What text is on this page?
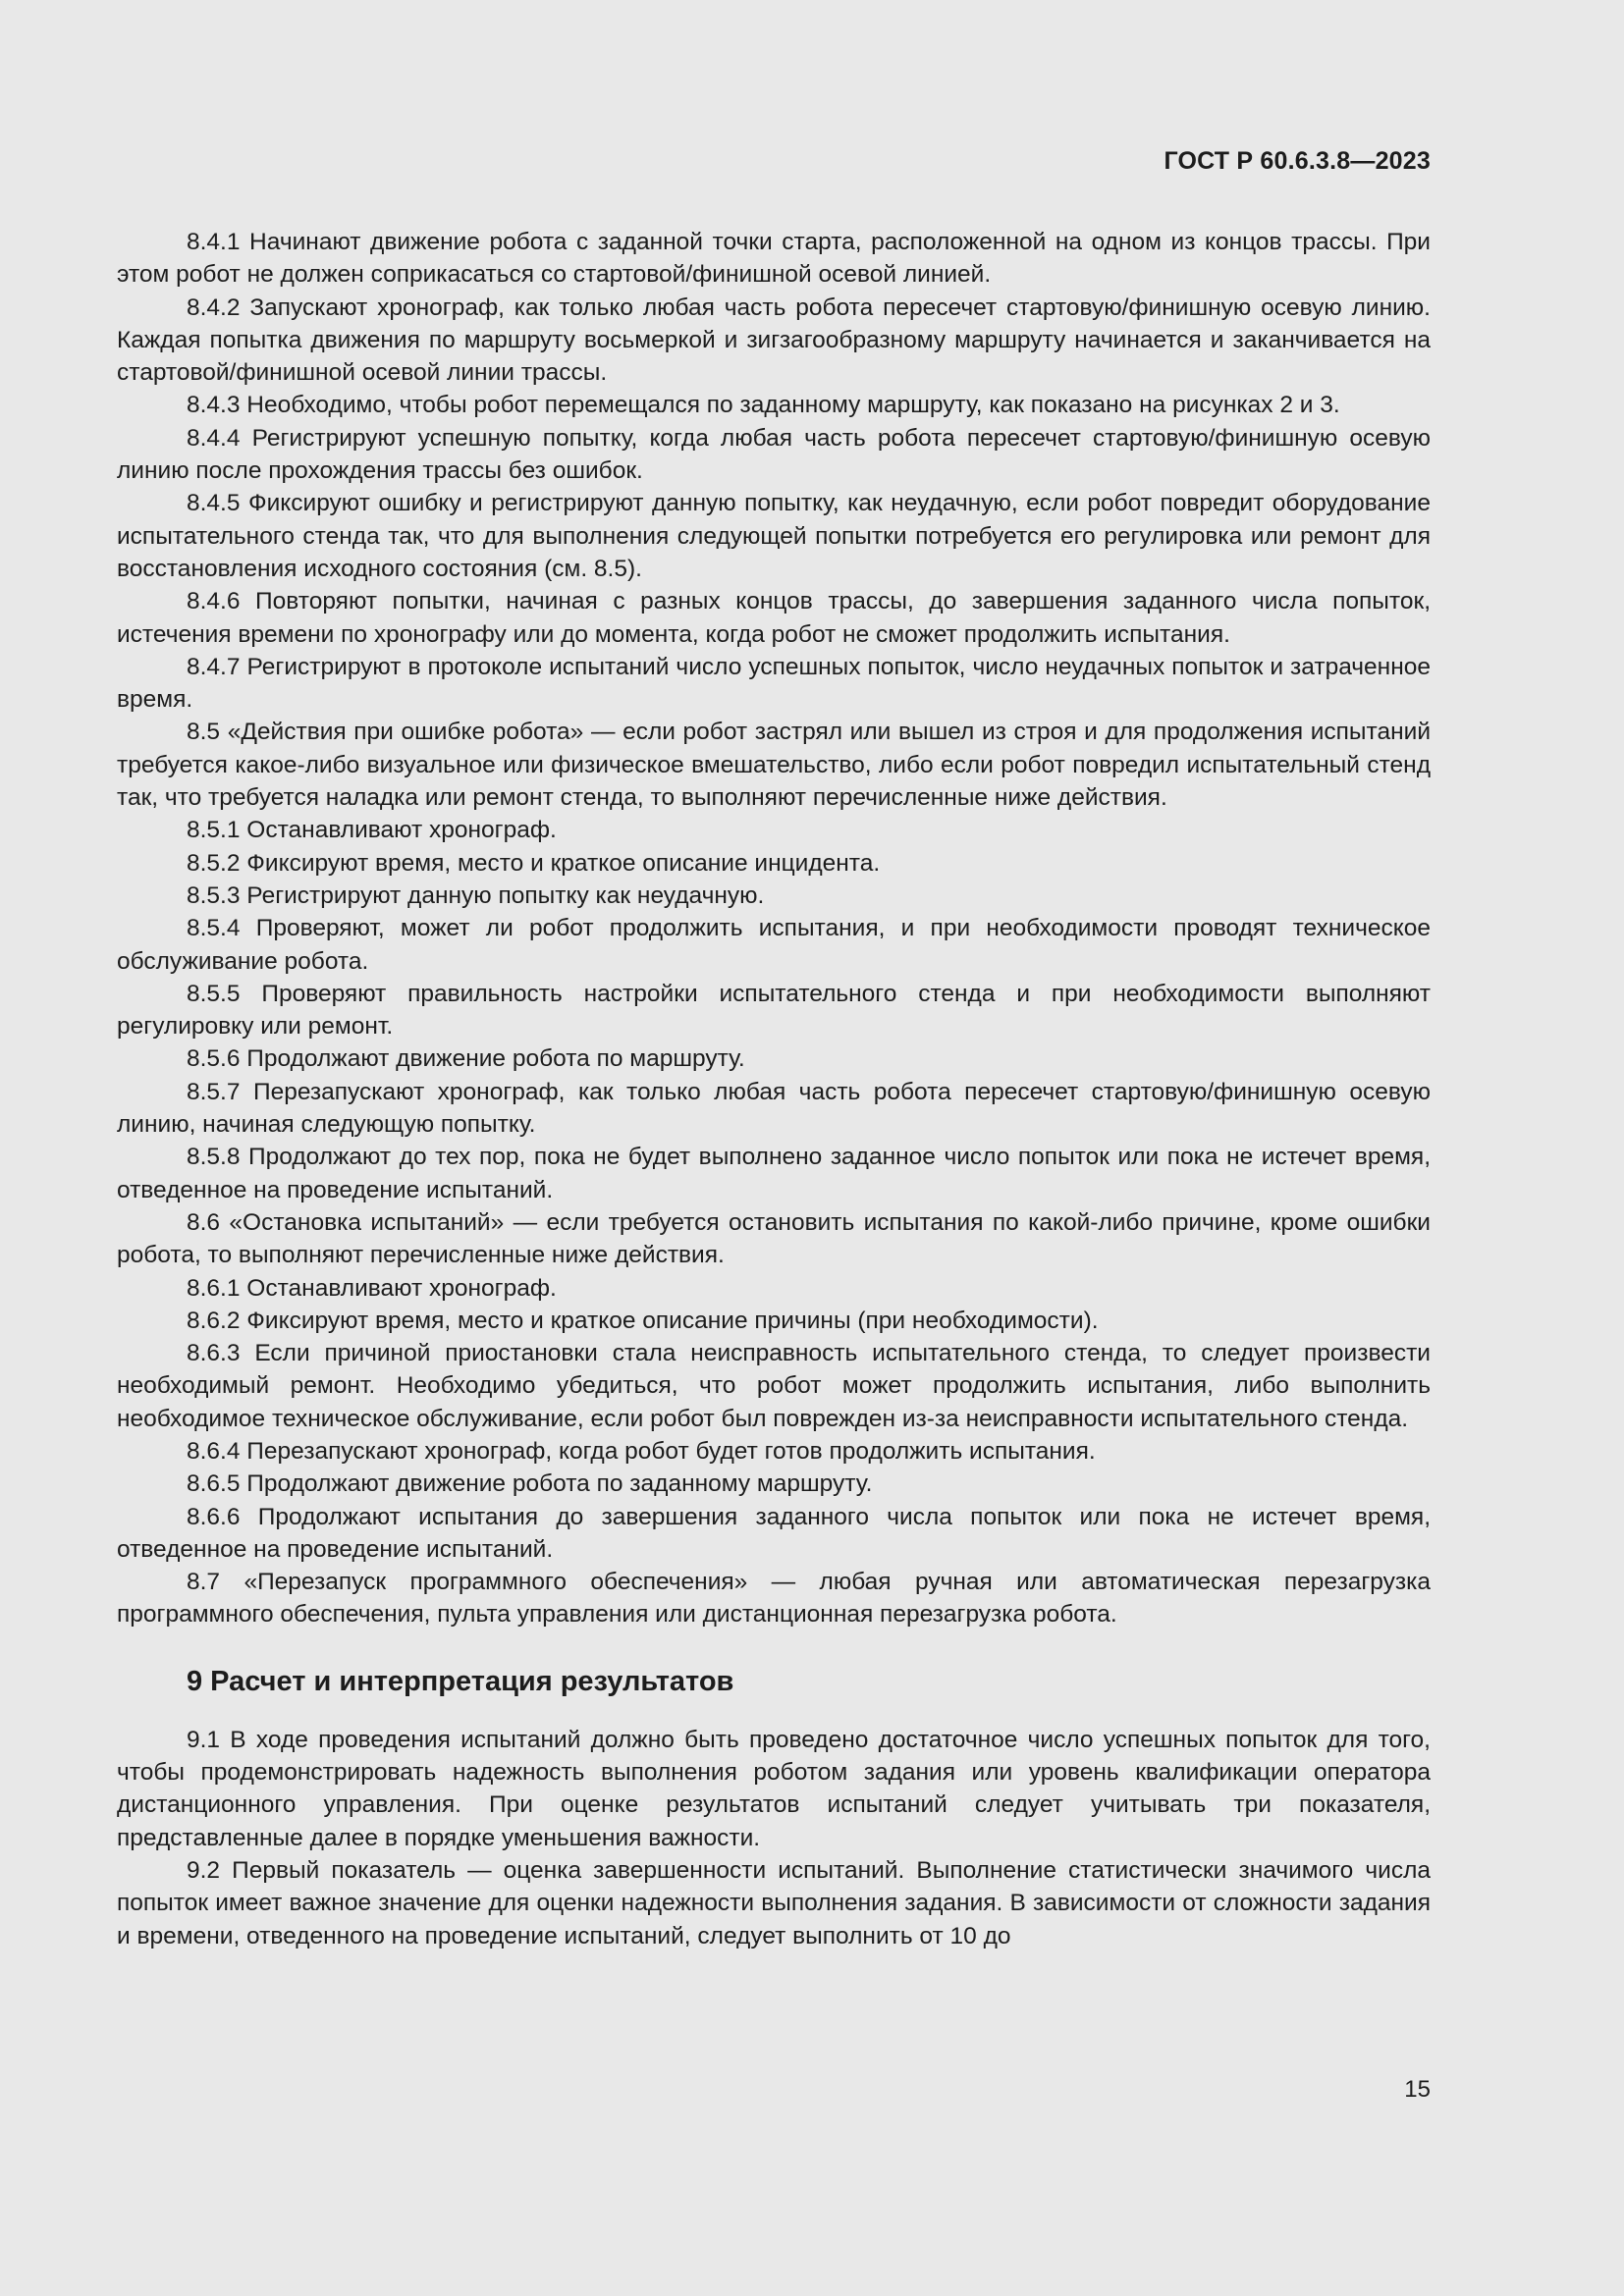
ГОСТ Р 60.6.3.8—2023

8.4.1 Начинают движение робота с заданной точки старта, расположенной на одном из концов трассы. При этом робот не должен соприкасаться со стартовой/финишной осевой линией.

8.4.2 Запускают хронограф, как только любая часть робота пересечет стартовую/финишную осевую линию. Каждая попытка движения по маршруту восьмеркой и зигзагообразному маршруту начинается и заканчивается на стартовой/финишной осевой линии трассы.

8.4.3 Необходимо, чтобы робот перемещался по заданному маршруту, как показано на рисунках 2 и 3.

8.4.4 Регистрируют успешную попытку, когда любая часть робота пересечет стартовую/финишную осевую линию после прохождения трассы без ошибок.

8.4.5 Фиксируют ошибку и регистрируют данную попытку, как неудачную, если робот повредит оборудование испытательного стенда так, что для выполнения следующей попытки потребуется его регулировка или ремонт для восстановления исходного состояния (см. 8.5).

8.4.6 Повторяют попытки, начиная с разных концов трассы, до завершения заданного числа попыток, истечения времени по хронографу или до момента, когда робот не сможет продолжить испытания.

8.4.7 Регистрируют в протоколе испытаний число успешных попыток, число неудачных попыток и затраченное время.

8.5 «Действия при ошибке робота» — если робот застрял или вышел из строя и для продолжения испытаний требуется какое-либо визуальное или физическое вмешательство, либо если робот повредил испытательный стенд так, что требуется наладка или ремонт стенда, то выполняют перечисленные ниже действия.

8.5.1 Останавливают хронограф.

8.5.2 Фиксируют время, место и краткое описание инцидента.

8.5.3 Регистрируют данную попытку как неудачную.

8.5.4 Проверяют, может ли робот продолжить испытания, и при необходимости проводят техническое обслуживание робота.

8.5.5 Проверяют правильность настройки испытательного стенда и при необходимости выполняют регулировку или ремонт.

8.5.6 Продолжают движение робота по маршруту.

8.5.7 Перезапускают хронограф, как только любая часть робота пересечет стартовую/финишную осевую линию, начиная следующую попытку.

8.5.8 Продолжают до тех пор, пока не будет выполнено заданное число попыток или пока не истечет время, отведенное на проведение испытаний.

8.6 «Остановка испытаний» — если требуется остановить испытания по какой-либо причине, кроме ошибки робота, то выполняют перечисленные ниже действия.

8.6.1 Останавливают хронограф.

8.6.2 Фиксируют время, место и краткое описание причины (при необходимости).

8.6.3 Если причиной приостановки стала неисправность испытательного стенда, то следует произвести необходимый ремонт. Необходимо убедиться, что робот может продолжить испытания, либо выполнить необходимое техническое обслуживание, если робот был поврежден из-за неисправности испытательного стенда.

8.6.4 Перезапускают хронограф, когда робот будет готов продолжить испытания.

8.6.5 Продолжают движение робота по заданному маршруту.

8.6.6 Продолжают испытания до завершения заданного числа попыток или пока не истечет время, отведенное на проведение испытаний.

8.7 «Перезапуск программного обеспечения» — любая ручная или автоматическая перезагрузка программного обеспечения, пульта управления или дистанционная перезагрузка робота.

9 Расчет и интерпретация результатов

9.1 В ходе проведения испытаний должно быть проведено достаточное число успешных попыток для того, чтобы продемонстрировать надежность выполнения роботом задания или уровень квалификации оператора дистанционного управления. При оценке результатов испытаний следует учитывать три показателя, представленные далее в порядке уменьшения важности.

9.2 Первый показатель — оценка завершенности испытаний. Выполнение статистически значимого числа попыток имеет важное значение для оценки надежности выполнения задания. В зависимости от сложности задания и времени, отведенного на проведение испытаний, следует выполнить от 10 до

15
